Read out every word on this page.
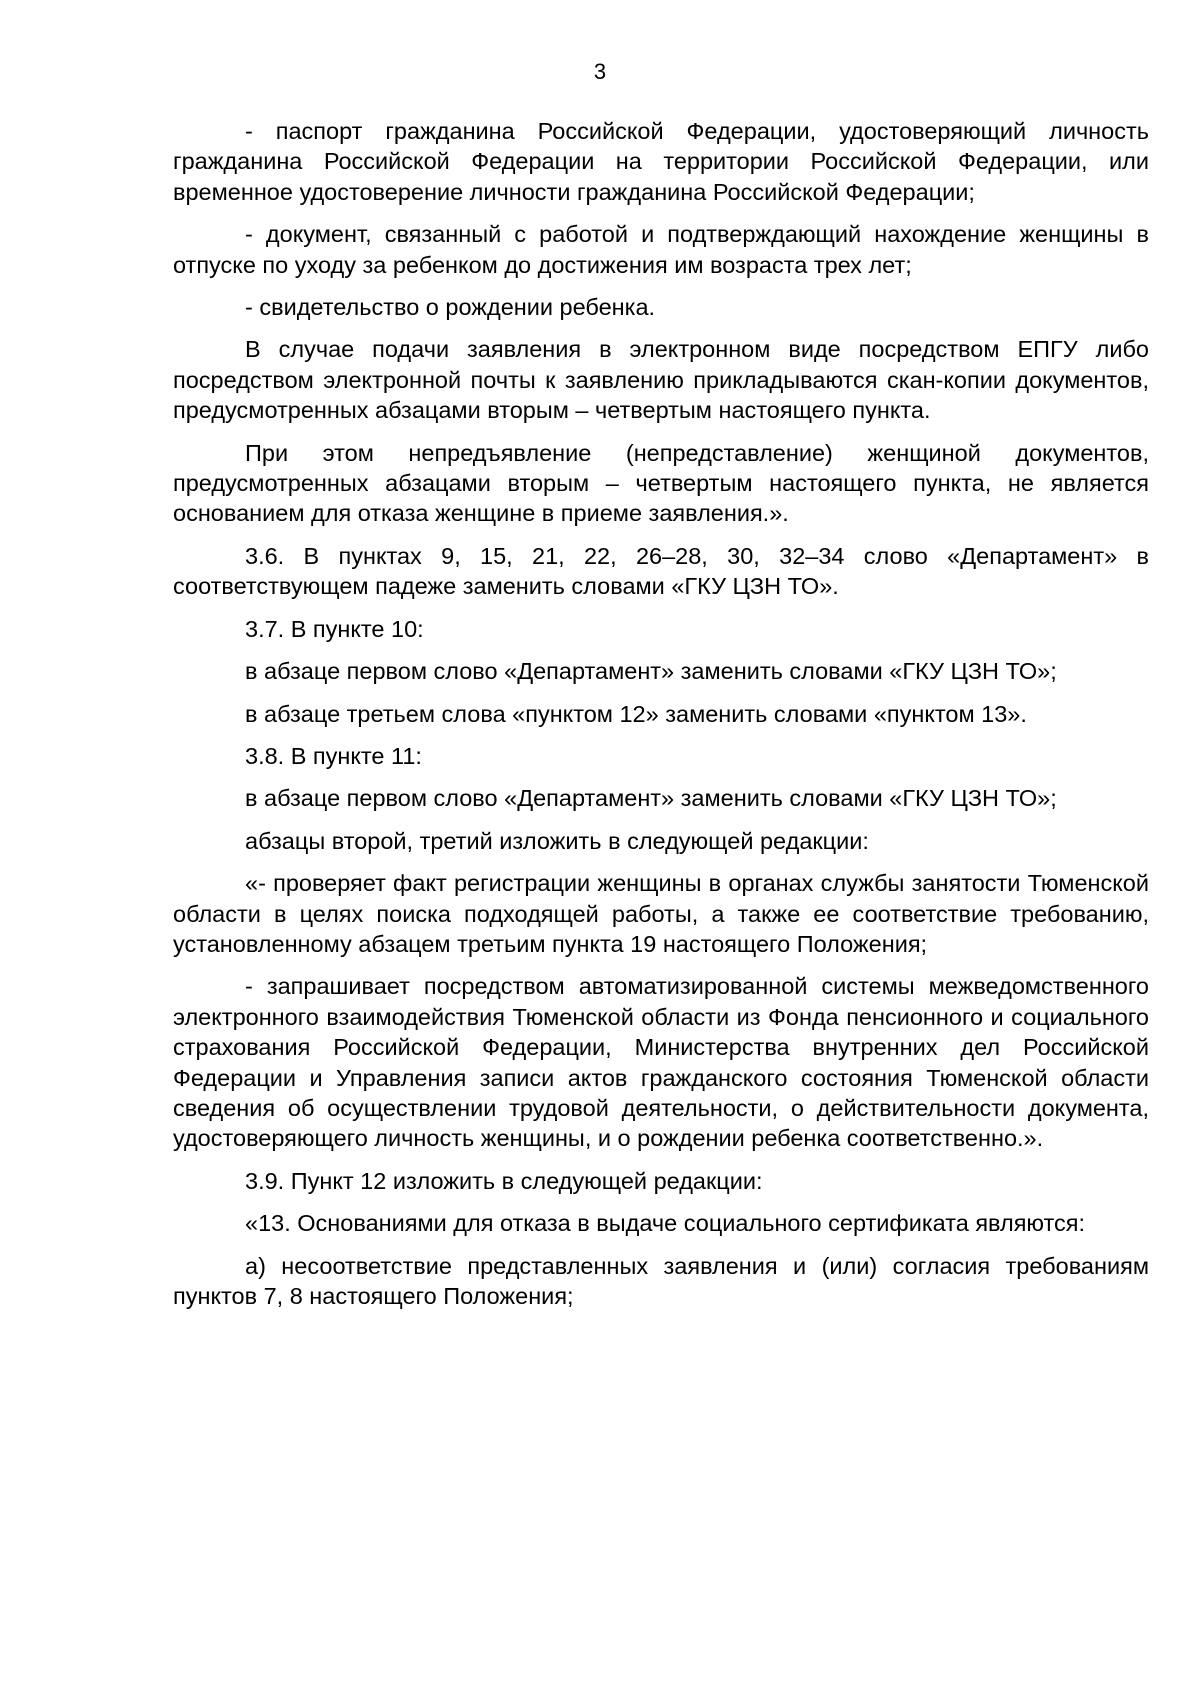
3

- паспорт гражданина Российской Федерации, удостоверяющий личность гражданина Российской Федерации на территории Российской Федерации, или временное удостоверение личности гражданина Российской Федерации;

- документ, связанный с работой и подтверждающий нахождение женщины в отпуске по уходу за ребенком до достижения им возраста трех лет;

- свидетельство о рождении ребенка.

В случае подачи заявления в электронном виде посредством ЕПГУ либо посредством электронной почты к заявлению прикладываются скан-копии документов, предусмотренных абзацами вторым – четвертым настоящего пункта.

При этом непредъявление (непредставление) женщиной документов, предусмотренных абзацами вторым – четвертым настоящего пункта, не является основанием для отказа женщине в приеме заявления.».

3.6. В пунктах 9, 15, 21, 22, 26–28, 30, 32–34 слово «Департамент» в соответствующем падеже заменить словами «ГКУ ЦЗН ТО».

3.7. В пункте 10:

в абзаце первом слово «Департамент» заменить словами «ГКУ ЦЗН ТО»;

в абзаце третьем слова «пунктом 12» заменить словами «пунктом 13».

3.8. В пункте 11:

в абзаце первом слово «Департамент» заменить словами «ГКУ ЦЗН ТО»;

абзацы второй, третий изложить в следующей редакции:

«- проверяет факт регистрации женщины в органах службы занятости Тюменской области в целях поиска подходящей работы, а также ее соответствие требованию, установленному абзацем третьим пункта 19 настоящего Положения;

- запрашивает посредством автоматизированной системы межведомственного электронного взаимодействия Тюменской области из Фонда пенсионного и социального страхования Российской Федерации, Министерства внутренних дел Российской Федерации и Управления записи актов гражданского состояния Тюменской области сведения об осуществлении трудовой деятельности, о действительности документа, удостоверяющего личность женщины, и о рождении ребенка соответственно.».

3.9. Пункт 12 изложить в следующей редакции:

«13. Основаниями для отказа в выдаче социального сертификата являются:

а) несоответствие представленных заявления и (или) согласия требованиям пунктов 7, 8 настоящего Положения;
